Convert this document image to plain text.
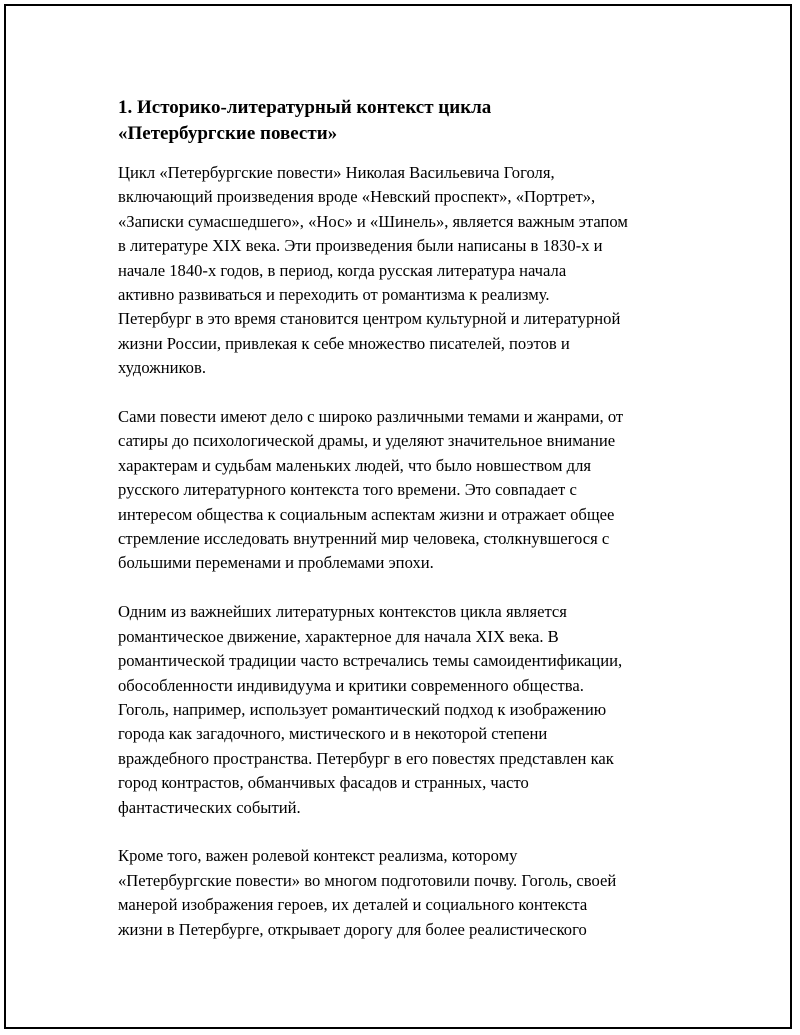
1. Историко-литературный контекст цикла
«Петербургские повести»
Цикл «Петербургские повести» Николая Васильевича Гоголя,
включающий произведения вроде «Невский проспект», «Портрет»,
«Записки сумасшедшего», «Нос» и «Шинель», является важным этапом
в литературе XIX века. Эти произведения были написаны в 1830-х и
начале 1840-х годов, в период, когда русская литература начала
активно развиваться и переходить от романтизма к реализму.
Петербург в это время становится центром культурной и литературной
жизни России, привлекая к себе множество писателей, поэтов и
художников.
Сами повести имеют дело с широко различными темами и жанрами, от
сатиры до психологической драмы, и уделяют значительное внимание
характерам и судьбам маленьких людей, что было новшеством для
русского литературного контекста того времени. Это совпадает с
интересом общества к социальным аспектам жизни и отражает общее
стремление исследовать внутренний мир человека, столкнувшегося с
большими переменами и проблемами эпохи.
Одним из важнейших литературных контекстов цикла является
романтическое движение, характерное для начала XIX века. В
романтической традиции часто встречались темы самоидентификации,
обособленности индивидуума и критики современного общества.
Гоголь, например, использует романтический подход к изображению
города как загадочного, мистического и в некоторой степени
враждебного пространства. Петербург в его повестях представлен как
город контрастов, обманчивых фасадов и странных, часто
фантастических событий.
Кроме того, важен ролевой контекст реализма, которому
«Петербургские повести» во многом подготовили почву. Гоголь, своей
манерой изображения героев, их деталей и социального контекста
жизни в Петербурге, открывает дорогу для более реалистического
